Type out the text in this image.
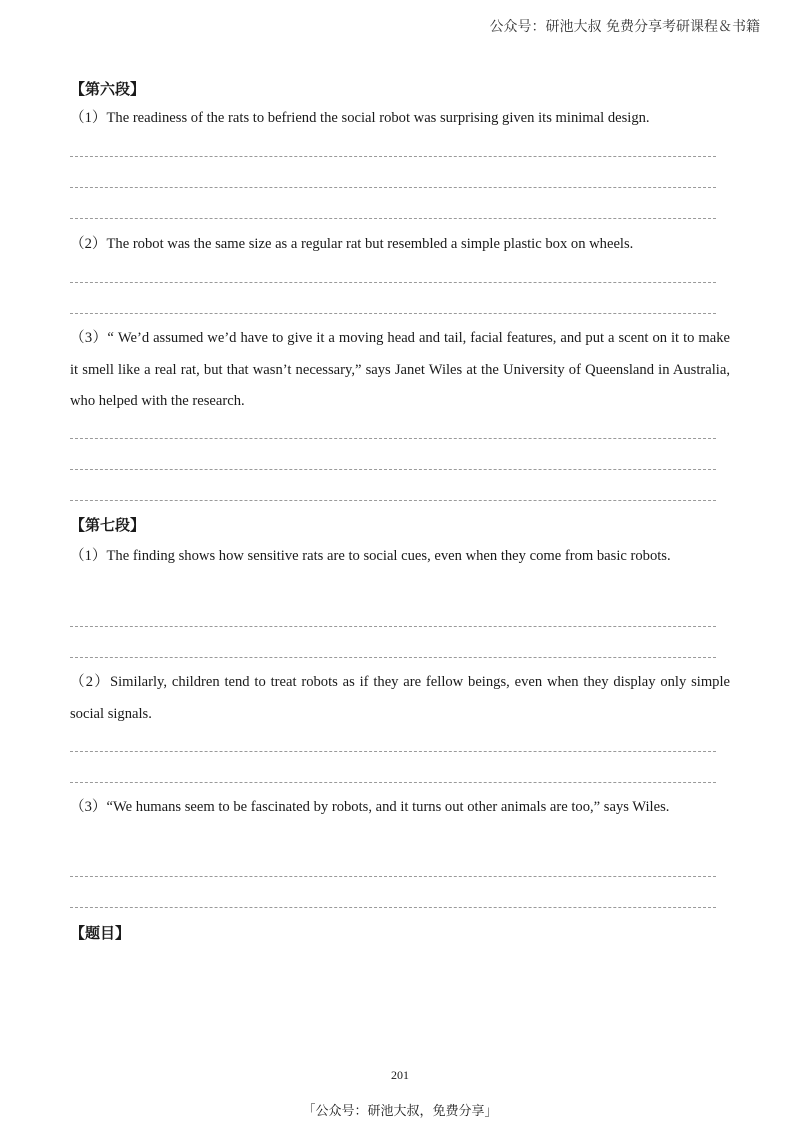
公众号：研池大叔 免费分享考研课程＆书籍
【第六段】
（1）The readiness of the rats to befriend the social robot was surprising given its minimal design.
（2）The robot was the same size as a regular rat but resembled a simple plastic box on wheels.
（3）“ We’d assumed we’d have to give it a moving head and tail, facial features, and put a scent on it to make it smell like a real rat, but that wasn’t necessary,” says Janet Wiles at the University of Queensland in Australia, who helped with the research.
【第七段】
（1）The finding shows how sensitive rats are to social cues, even when they come from basic robots.
（2）Similarly, children tend to treat robots as if they are fellow beings, even when they display only simple social signals.
（3）“We humans seem to be fascinated by robots, and it turns out other animals are too,” says Wiles.
【题目】
201
「公众号：研池大叔，免费分享」
